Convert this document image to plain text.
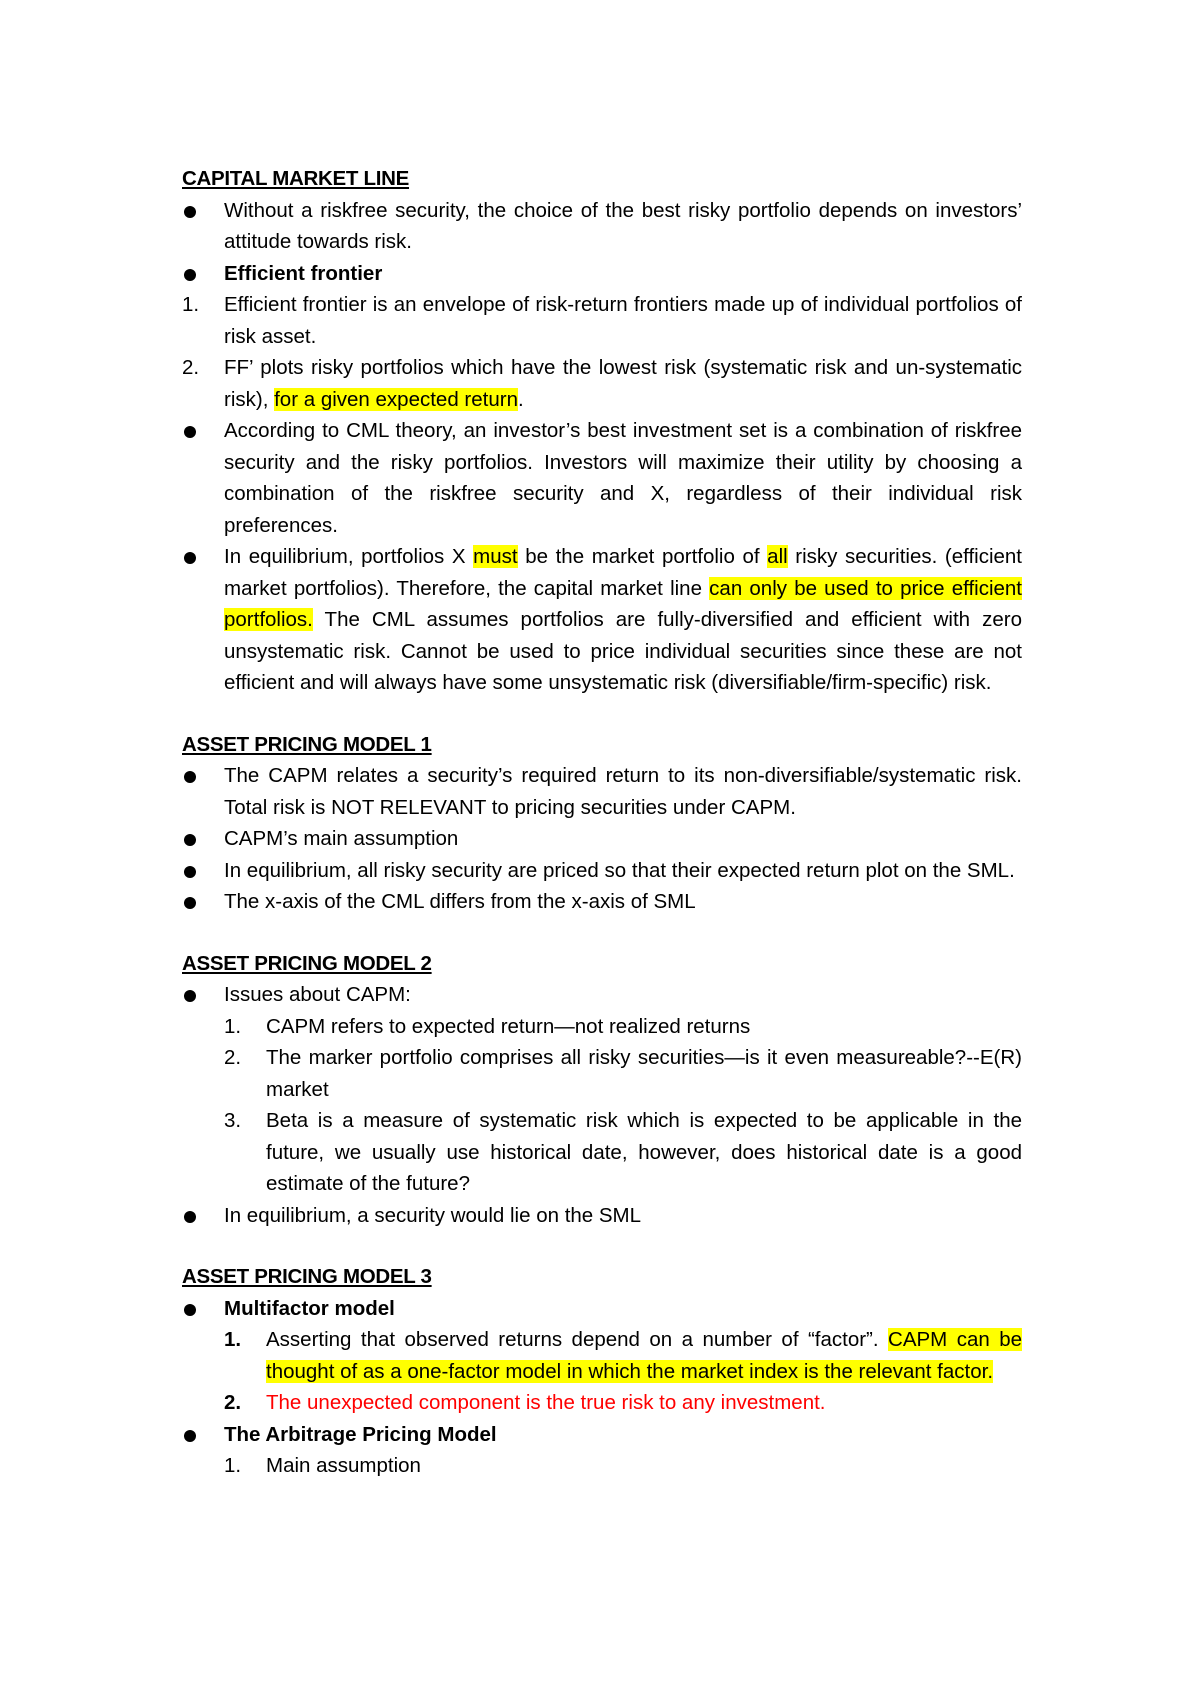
CAPITAL MARKET LINE
Without a riskfree security, the choice of the best risky portfolio depends on investors’ attitude towards risk.
Efficient frontier
1. Efficient frontier is an envelope of risk-return frontiers made up of individual portfolios of risk asset.
2. FF’ plots risky portfolios which have the lowest risk (systematic risk and un-systematic risk), for a given expected return.
According to CML theory, an investor’s best investment set is a combination of riskfree security and the risky portfolios. Investors will maximize their utility by choosing a combination of the riskfree security and X, regardless of their individual risk preferences.
In equilibrium, portfolios X must be the market portfolio of all risky securities. (efficient market portfolios). Therefore, the capital market line can only be used to price efficient portfolios. The CML assumes portfolios are fully-diversified and efficient with zero unsystematic risk. Cannot be used to price individual securities since these are not efficient and will always have some unsystematic risk (diversifiable/firm-specific) risk.
ASSET PRICING MODEL 1
The CAPM relates a security’s required return to its non-diversifiable/systematic risk. Total risk is NOT RELEVANT to pricing securities under CAPM.
CAPM’s main assumption
In equilibrium, all risky security are priced so that their expected return plot on the SML.
The x-axis of the CML differs from the x-axis of SML
ASSET PRICING MODEL 2
Issues about CAPM:
1. CAPM refers to expected return—not realized returns
2. The marker portfolio comprises all risky securities—is it even measureable?--E(R) market
3. Beta is a measure of systematic risk which is expected to be applicable in the future, we usually use historical date, however, does historical date is a good estimate of the future?
In equilibrium, a security would lie on the SML
ASSET PRICING MODEL 3
Multifactor model
1. Asserting that observed returns depend on a number of “factor”. CAPM can be thought of as a one-factor model in which the market index is the relevant factor.
2. The unexpected component is the true risk to any investment.
The Arbitrage Pricing Model
1. Main assumption
